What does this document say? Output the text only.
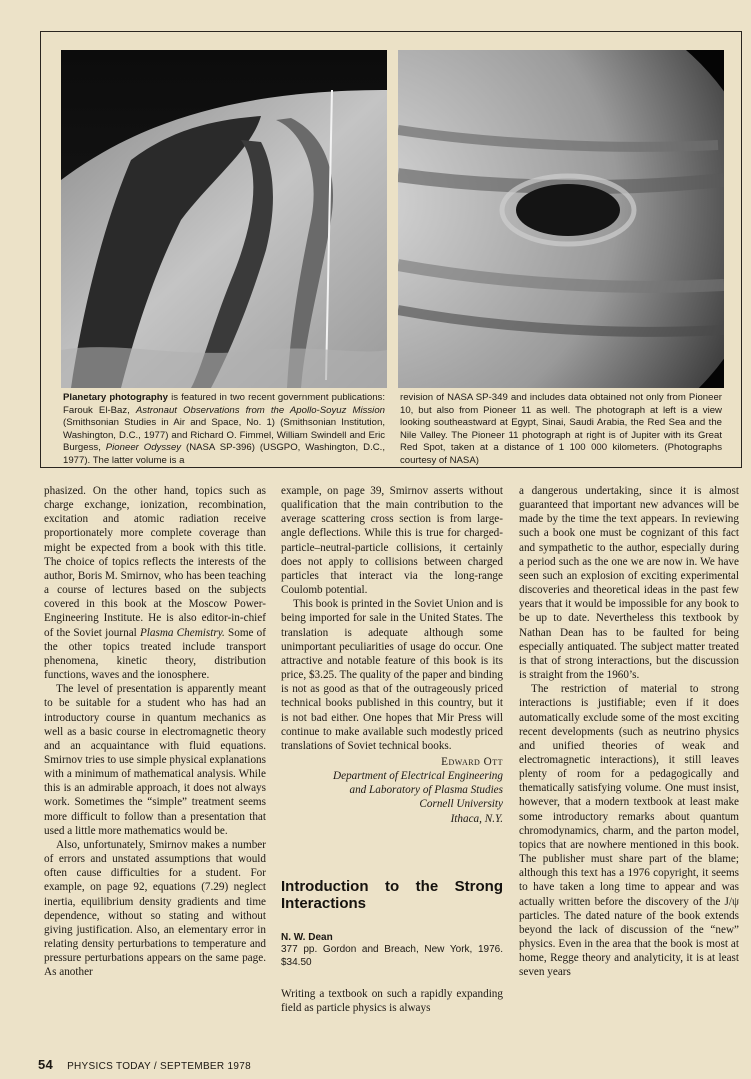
Planetary photography is featured in two recent government publications: Farouk El-Baz, Astronaut Observations from the Apollo-Soyuz Mission (Smithsonian Studies in Air and Space, No. 1) (Smithsonian Institution, Washington, D.C., 1977) and Richard O. Fimmel, William Swindell and Eric Burgess, Pioneer Odyssey (NASA SP-396) (USGPO, Washington, D.C., 1977). The latter volume is a
revision of NASA SP-349 and includes data obtained not only from Pioneer 10, but also from Pioneer 11 as well. The photograph at left is a view looking southeastward at Egypt, Sinai, Saudi Arabia, the Red Sea and the Nile Valley. The Pioneer 11 photograph at right is of Jupiter with its Great Red Spot, taken at a distance of 1 100 000 kilometers. (Photographs courtesy of NASA)

phasized. On the other hand, topics such as charge exchange, ionization, recombination, excitation and atomic radiation receive proportionately more complete coverage than might be expected from a book with this title. The choice of topics reflects the interests of the author, Boris M. Smirnov, who has been teaching a course of lectures based on the subjects covered in this book at the Moscow Power-Engineering Institute. He is also editor-in-chief of the Soviet journal Plasma Chemistry. Some of the other topics treated include transport phenomena, kinetic theory, distribution functions, waves and the ionosphere.

The level of presentation is apparently meant to be suitable for a student who has had an introductory course in quantum mechanics as well as a basic course in electromagnetic theory and an acquaintance with fluid equations. Smirnov tries to use simple physical explanations with a minimum of mathematical analysis. While this is an admirable approach, it does not always work. Sometimes the “simple” treatment seems more difficult to follow than a presentation that used a little more mathematics would be.

Also, unfortunately, Smirnov makes a number of errors and unstated assumptions that would often cause difficulties for a student. For example, on page 92, equations (7.29) neglect inertia, equilibrium density gradients and time dependence, without so stating and without giving justification. Also, an elementary error in relating density perturbations to temperature and pressure perturbations appears on the same page. As another

example, on page 39, Smirnov asserts without qualification that the main contribution to the average scattering cross section is from large-angle deflections. While this is true for charged-particle–neutral-particle collisions, it certainly does not apply to collisions between charged particles that interact via the long-range Coulomb potential.

This book is printed in the Soviet Union and is being imported for sale in the United States. The translation is adequate although some unimportant peculiarities of usage do occur. One attractive and notable feature of this book is its price, $3.25. The quality of the paper and binding is not as good as that of the outrageously priced technical books published in this country, but it is not bad either. One hopes that Mir Press will continue to make available such modestly priced translations of Soviet technical books.

Edward Ott
Department of Electrical Engineering
and Laboratory of Plasma Studies
Cornell University
Ithaca, N.Y.
Introduction to the Strong Interactions
N. W. Dean
377 pp. Gordon and Breach, New York, 1976. $34.50

Writing a textbook on such a rapidly expanding field as particle physics is always

a dangerous undertaking, since it is almost guaranteed that important new advances will be made by the time the text appears. In reviewing such a book one must be cognizant of this fact and sympathetic to the author, especially during a period such as the one we are now in. We have seen such an explosion of exciting experimental discoveries and theoretical ideas in the past few years that it would be impossible for any book to be up to date. Nevertheless this textbook by Nathan Dean has to be faulted for being especially antiquated. The subject matter treated is that of strong interactions, but the discussion is straight from the 1960’s.

The restriction of material to strong interactions is justifiable; even if it does automatically exclude some of the most exciting recent developments (such as neutrino physics and unified theories of weak and electromagnetic interactions), it still leaves plenty of room for a pedagogically and thematically satisfying volume. One must insist, however, that a modern textbook at least make some introductory remarks about quantum chromodynamics, charm, and the parton model, topics that are nowhere mentioned in this book. The publisher must share part of the blame; although this text has a 1976 copyright, it seems to have taken a long time to appear and was actually written before the discovery of the J/ψ particles. The dated nature of the book extends beyond the lack of discussion of the “new” physics. Even in the area that the book is most at home, Regge theory and analyticity, it is at least seven years

54 PHYSICS TODAY / SEPTEMBER 1978
